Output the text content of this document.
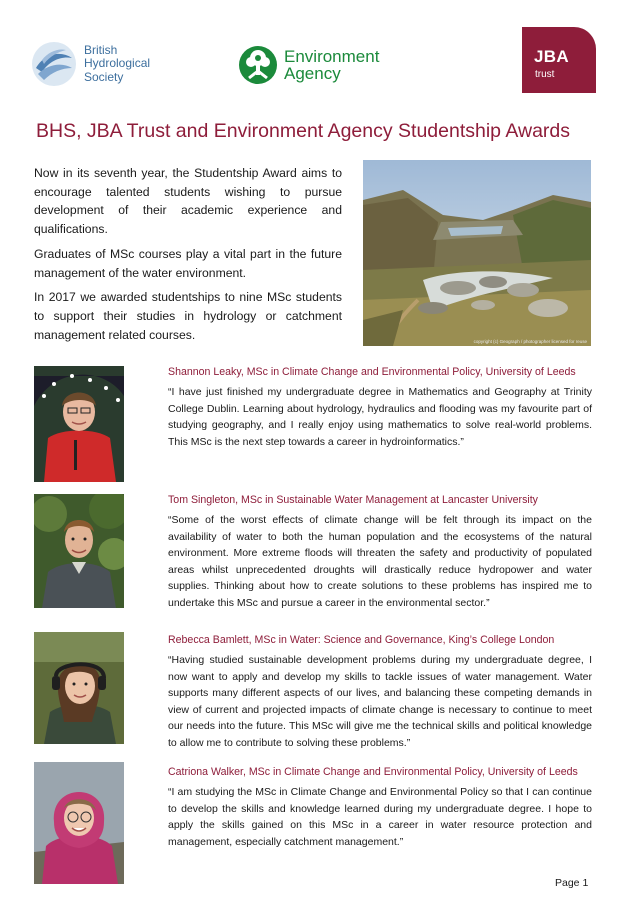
British
Hydrological
Society
Environment
Agency
JBA
trust
BHS, JBA Trust and Environment Agency Studentship Awards

Now in its seventh year, the Studentship Award aims to encourage talented students wishing to pursue development of their academic experience and qualifications.

Graduates of MSc courses play a vital part in the future management of the water environment.

In 2017 we awarded studentships to nine MSc students to support their studies in hydrology or catchment management related courses.	copyright (c) Geograph / photographer licensed for reuse
Shannon Leaky, MSc in Climate Change and Environmental Policy, University of Leeds

“I have just finished my undergraduate degree in Mathematics and Geography at Trinity College Dublin. Learning about hydrology, hydraulics and flooding was my favourite part of studying geography, and I really enjoy using mathematics to solve real-world problems. This MSc is the next step towards a career in hydroinformatics.”

Tom Singleton, MSc in Sustainable Water Management at Lancaster University

“Some of the worst effects of climate change will be felt through its impact on the availability of water to both the human population and the ecosystems of the natural environment. More extreme floods will threaten the safety and productivity of populated areas whilst unprecedented droughts will drastically reduce hydropower and water supplies. Thinking about how to create solutions to these problems has inspired me to undertake this MSc and pursue a career in the environmental sector.”

Rebecca Bamlett, MSc in Water: Science and Governance, King’s College London

“Having studied sustainable development problems during my undergraduate degree, I now want to apply and develop my skills to tackle issues of water management. Water supports many different aspects of our lives, and balancing these competing demands in view of current and projected impacts of climate change is necessary to continue to meet our needs into the future. This MSc will give me the technical skills and political knowledge to allow me to contribute to solving these problems.”

Catriona Walker, MSc in Climate Change and Environmental Policy, University of Leeds

“I am studying the MSc in Climate Change and Environmental Policy so that I can continue to develop the skills and knowledge learned during my undergraduate degree. I hope to apply the skills gained on this MSc in a career in water resource protection and management, especially catchment management.”

Page 1
